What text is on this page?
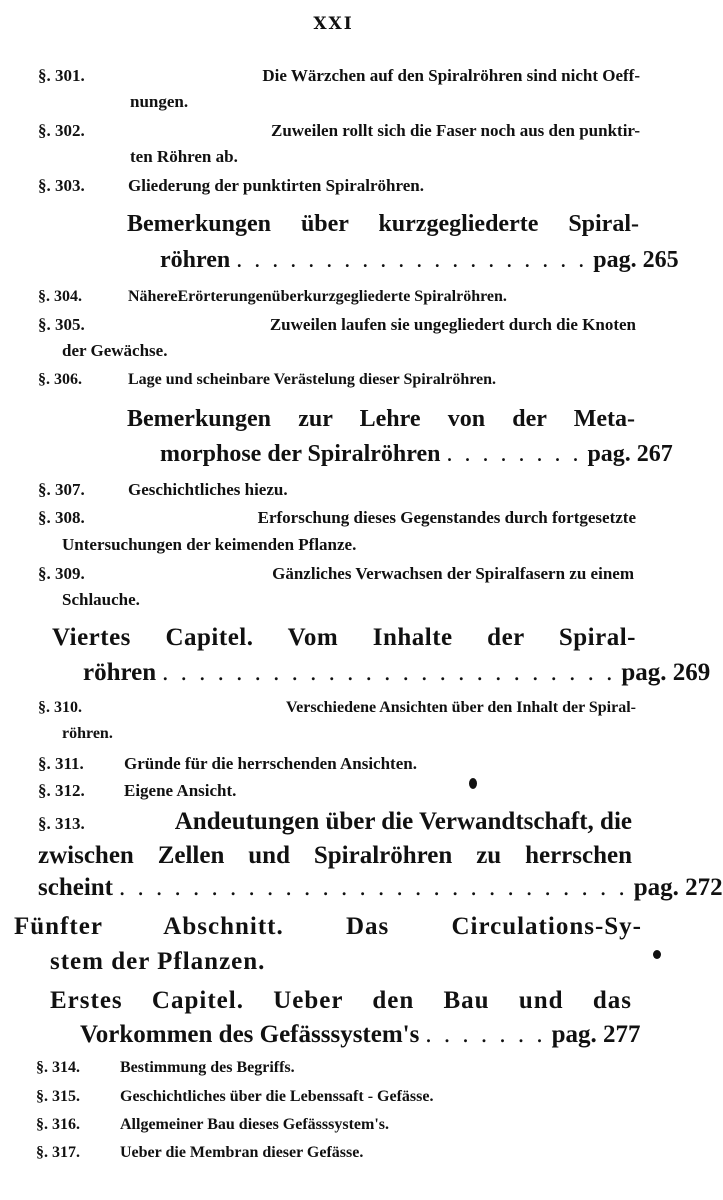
XXI
§. 301.	Die Wärzchen auf den Spiralröhren sind nicht Oeff-
nungen.
§. 302.	Zuweilen rollt sich die Faser noch aus den punktir-
ten Röhren ab.
§. 303.	Gliederung der punktirten Spiralröhren.
Bemerkungen über kurzgegliederte Spiral-
röhren . . . . . . . . . . . . . . . . . . . . pag. 265
§. 304.	NähereErörterungenüberkurzgegliederte Spiralröhren.
§. 305.	Zuweilen laufen sie ungegliedert durch die Knoten
der Gewächse.
§. 306.	Lage und scheinbare Verästelung dieser Spiralröhren.
Bemerkungen zur Lehre von der Meta-
morphose der Spiralröhren . . . . . . . . pag. 267
§. 307.	Geschichtliches hiezu.
§. 308.	Erforschung dieses Gegenstandes durch fortgesetzte
Untersuchungen der keimenden Pflanze.
§. 309.	Gänzliches Verwachsen der Spiralfasern zu einem
Schlauche.
Viertes Capitel. Vom Inhalte der Spiral-
röhren . . . . . . . . . . . . . . . . . . . . . . . . . pag. 269
§. 310.	Verschiedene Ansichten über den Inhalt der Spiral-
röhren.
§. 311. Gründe für die herrschenden Ansichten.
§. 312. Eigene Ansicht.
§. 313.	Andeutungen über die Verwandtschaft, die
zwischen Zellen und Spiralröhren zu herrschen
scheint . . . . . . . . . . . . . . . . . . . . . . . . . . . . pag. 272
Fünfter Abschnitt. Das Circulations-Sy-
stem der Pflanzen.
Erstes Capitel. Ueber den Bau und das
Vorkommen des Gefässsystem's . . . . . . . pag. 277
§. 314.	Bestimmung des Begriffs.
§. 315.	Geschichtliches über die Lebenssaft - Gefässe.
§. 316.	Allgemeiner Bau dieses Gefässsystem's.
§. 317.	Ueber die Membran dieser Gefässe.
